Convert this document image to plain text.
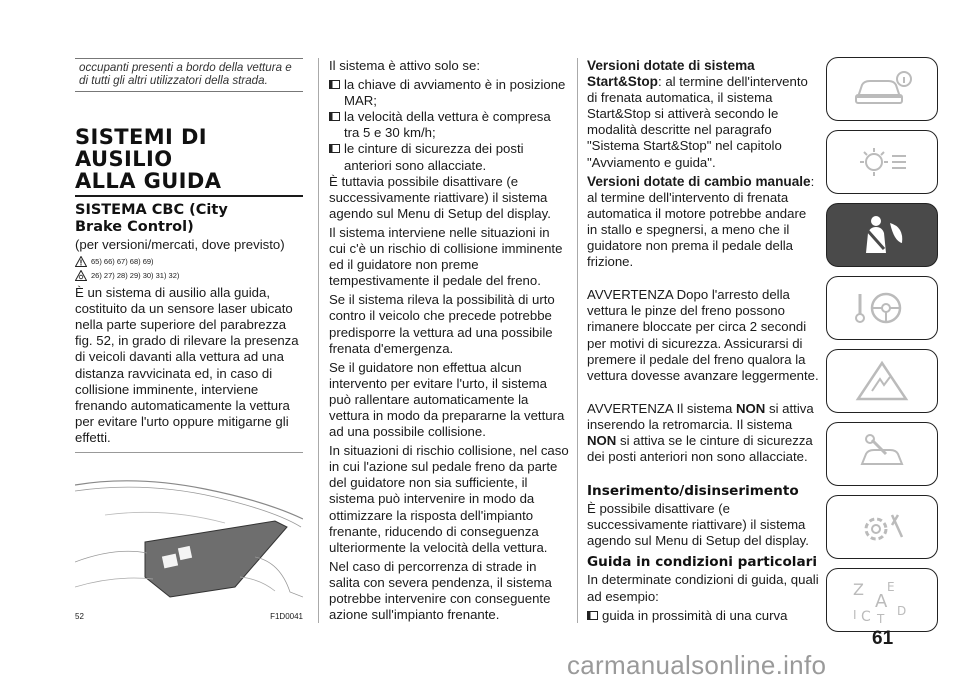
occupanti presenti a bordo della vettura e
di tutti gli altri utilizzatori della strada.
SISTEMI DI AUSILIO
ALLA GUIDA
SISTEMA CBC (City
Brake Control)

(per versioni/mercati, dove previsto)

65) 66) 67) 68) 69)
26) 27) 28) 29) 30) 31) 32)

È un sistema di ausilio alla guida, costituito da un sensore laser ubicato nella parte superiore del parabrezza fig. 52, in grado di rilevare la presenza di veicoli davanti alla vettura ad una distanza ravvicinata ed, in caso di collisione imminente, interviene frenando automaticamente la vettura per evitare l'urto oppure mitigarne gli effetti.

52	F1D0041

Il sistema è attivo solo se:

la chiave di avviamento è in posizione MAR;
la velocità della vettura è compresa tra 5 e 30 km/h;
le cinture di sicurezza dei posti anteriori sono allacciate.

È tuttavia possibile disattivare (e successivamente riattivare) il sistema agendo sul Menu di Setup del display.

Il sistema interviene nelle situazioni in cui c'è un rischio di collisione imminente ed il guidatore non preme tempestivamente il pedale del freno.

Se il sistema rileva la possibilità di urto contro il veicolo che precede potrebbe predisporre la vettura ad una possibile frenata d'emergenza.

Se il guidatore non effettua alcun intervento per evitare l'urto, il sistema può rallentare automaticamente la vettura in modo da prepararne la vettura ad una possibile collisione.

In situazioni di rischio collisione, nel caso in cui l'azione sul pedale freno da parte del guidatore non sia sufficiente, il sistema può intervenire in modo da ottimizzare la risposta dell'impianto frenante, riducendo di conseguenza ulteriormente la velocità della vettura.

Nel caso di percorrenza di strade in salita con severa pendenza, il sistema potrebbe intervenire con conseguente azione sull'impianto frenante.

Versioni dotate di sistema Start&Stop: al termine dell'intervento di frenata automatica, il sistema Start&Stop si attiverà secondo le modalità descritte nel paragrafo "Sistema Start&Stop" nel capitolo "Avviamento e guida".

Versioni dotate di cambio manuale: al termine dell'intervento di frenata automatica il motore potrebbe andare in stallo e spegnersi, a meno che il guidatore non prema il pedale della frizione.

AVVERTENZA Dopo l'arresto della vettura le pinze del freno possono rimanere bloccate per circa 2 secondi per motivi di sicurezza. Assicurarsi di premere il pedale del freno qualora la vettura dovesse avanzare leggermente.

AVVERTENZA Il sistema NON si attiva inserendo la retromarcia. Il sistema NON si attiva se le cinture di sicurezza dei posti anteriori non sono allacciate.

Inserimento/disinserimento

È possibile disattivare (e successivamente riattivare) il sistema agendo sul Menu di Setup del display.

Guida in condizioni particolari

In determinate condizioni di guida, quali ad esempio:

guida in prossimità di una curva
Z E
A
I C T
D
61
carmanualsonline.info
